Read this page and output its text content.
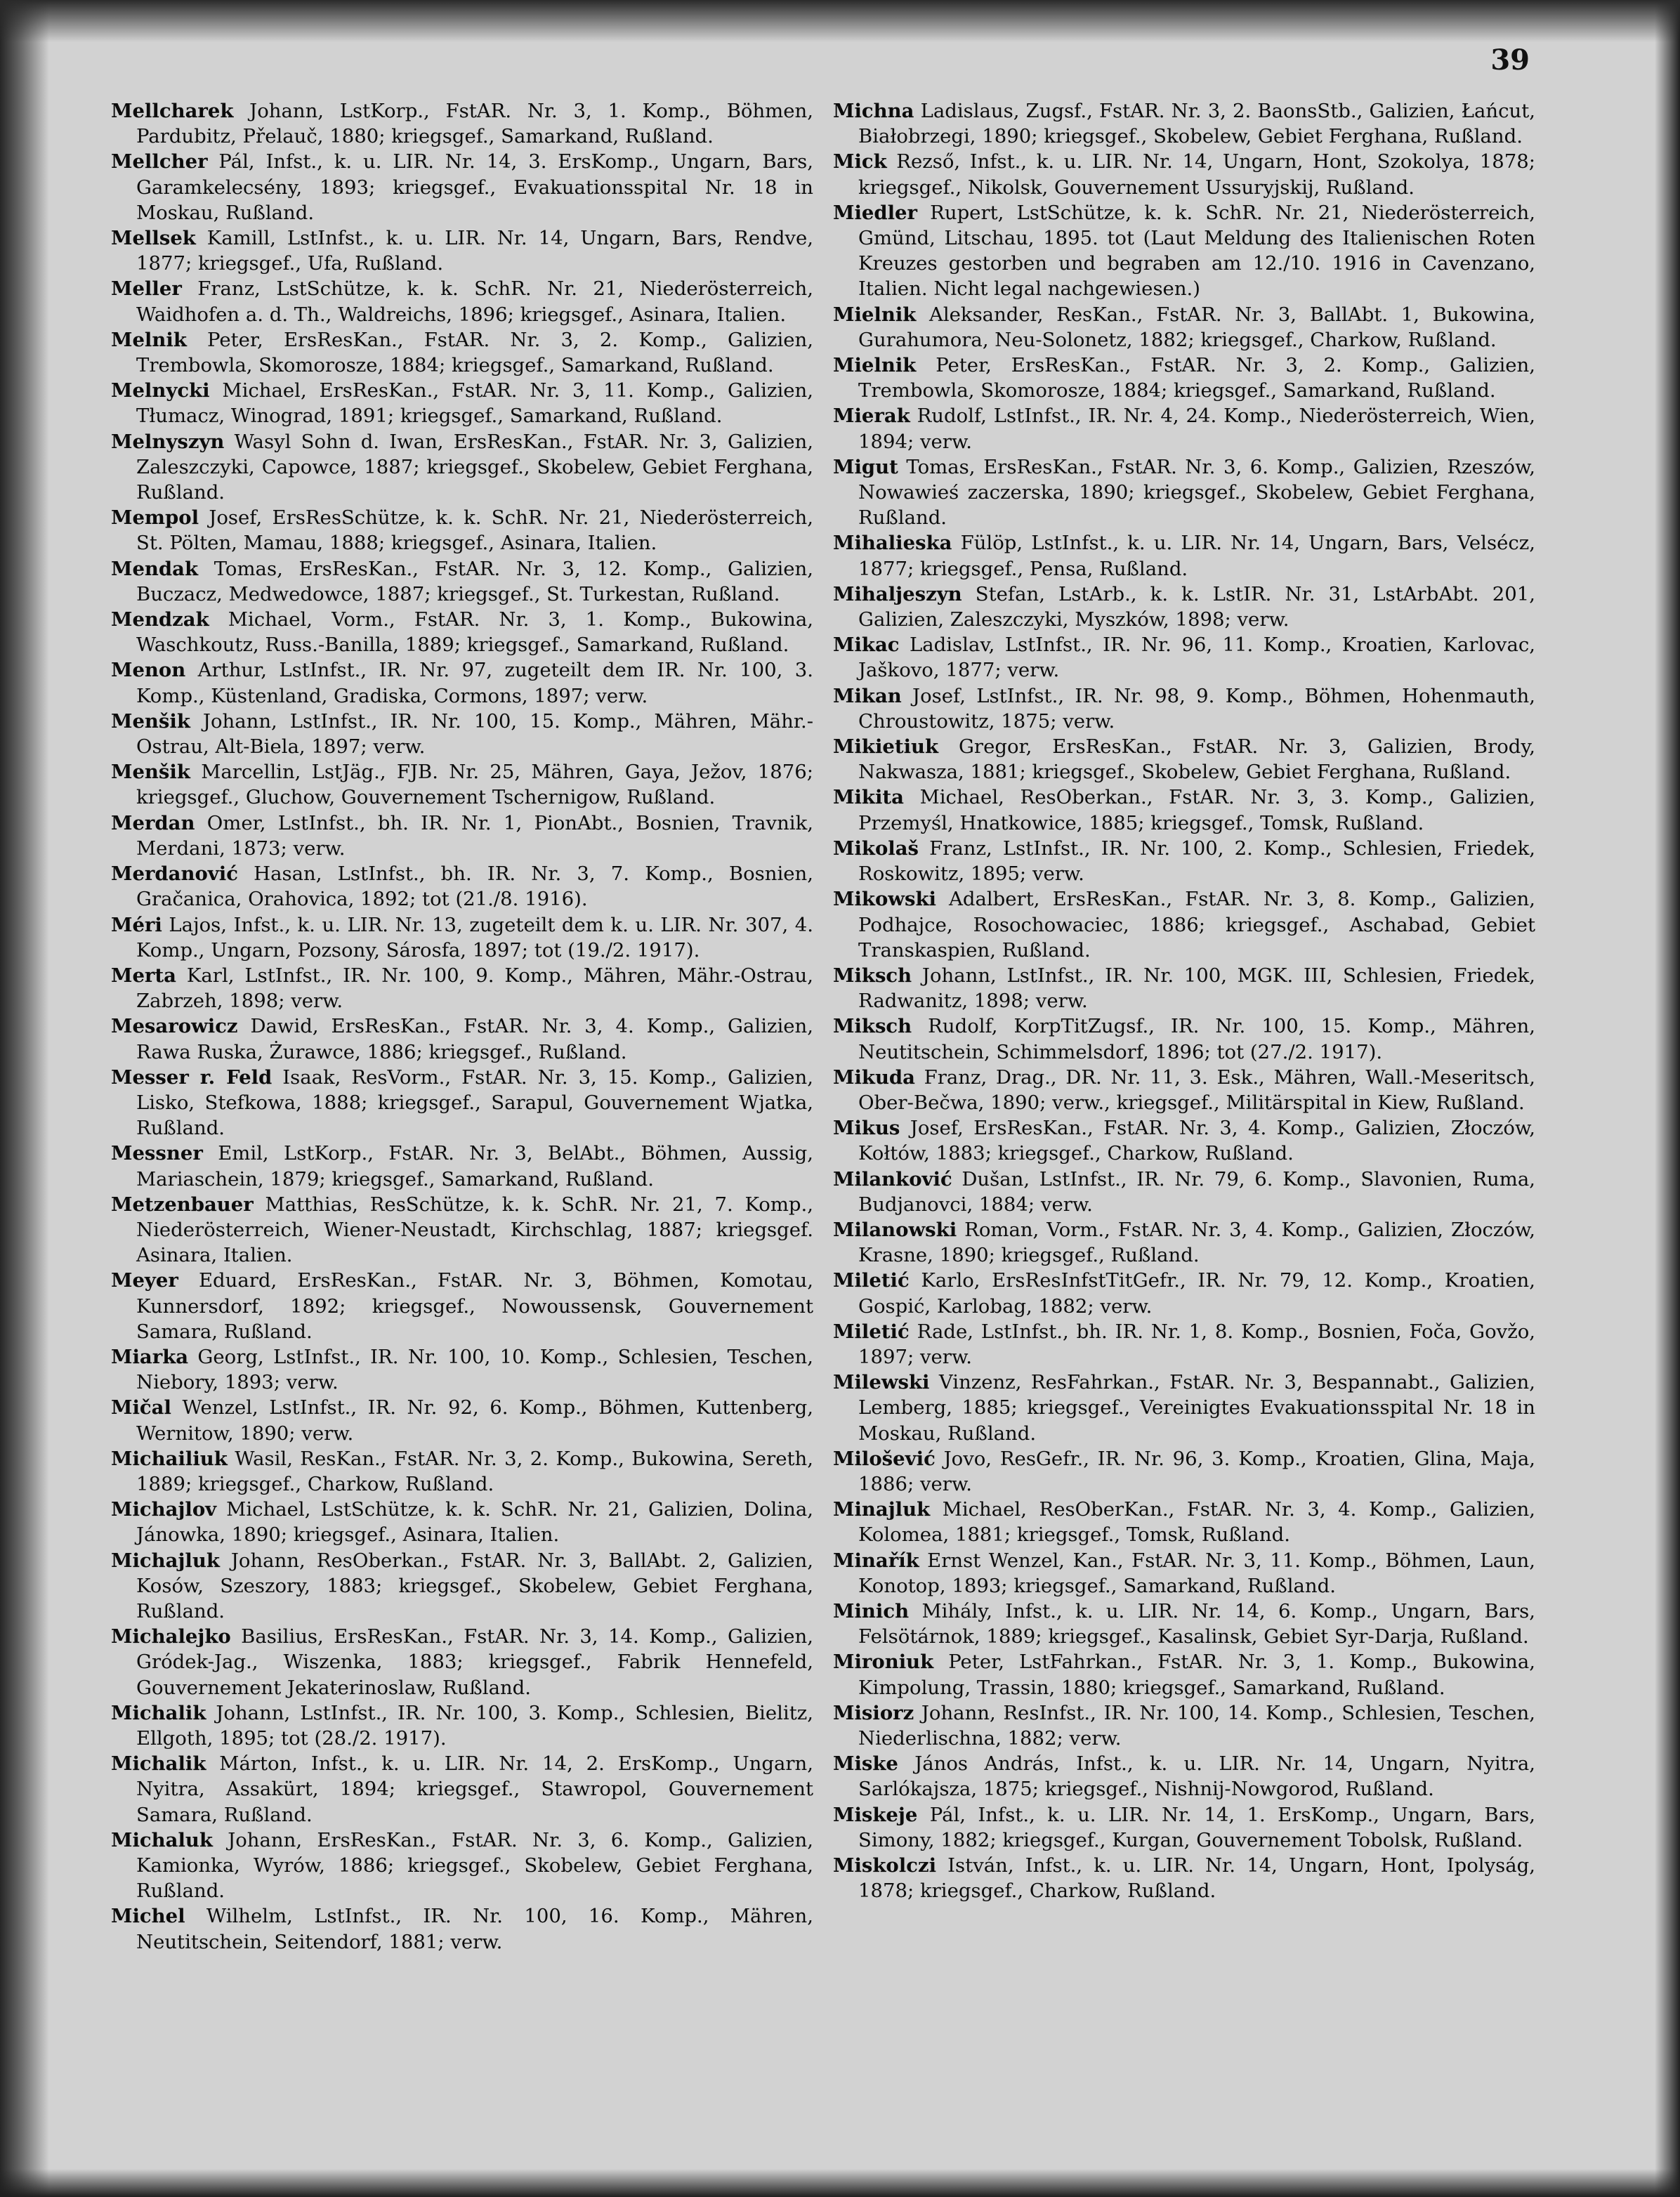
39

Mellcharek Johann, LstKorp., FstAR. Nr. 3, 1. Komp., Böhmen, Pardubitz, Přelauč, 1880; kriegsgef., Samarkand, Rußland.

Mellcher Pál, Infst., k. u. LIR. Nr. 14, 3. ErsKomp., Ungarn, Bars, Garamkelecsény, 1893; kriegsgef., Evakuationsspital Nr. 18 in Moskau, Rußland.

Mellsek Kamill, LstInfst., k. u. LIR. Nr. 14, Ungarn, Bars, Rendve, 1877; kriegsgef., Ufa, Rußland.

Meller Franz, LstSchütze, k. k. SchR. Nr. 21, Niederösterreich, Waidhofen a. d. Th., Waldreichs, 1896; kriegsgef., Asinara, Italien.

Melnik Peter, ErsResKan., FstAR. Nr. 3, 2. Komp., Galizien, Trembowla, Skomorosze, 1884; kriegsgef., Samarkand, Rußland.

Melnycki Michael, ErsResKan., FstAR. Nr. 3, 11. Komp., Galizien, Tłumacz, Winograd, 1891; kriegsgef., Samarkand, Rußland.

Melnyszyn Wasyl Sohn d. Iwan, ErsResKan., FstAR. Nr. 3, Galizien, Zaleszczyki, Capowce, 1887; kriegsgef., Skobelew, Gebiet Ferghana, Rußland.

Mempol Josef, ErsResSchütze, k. k. SchR. Nr. 21, Niederösterreich, St. Pölten, Mamau, 1888; kriegsgef., Asinara, Italien.

Mendak Tomas, ErsResKan., FstAR. Nr. 3, 12. Komp., Galizien, Buczacz, Medwedowce, 1887; kriegsgef., St. Turkestan, Rußland.

Mendzak Michael, Vorm., FstAR. Nr. 3, 1. Komp., Bukowina, Waschkoutz, Russ.-Banilla, 1889; kriegsgef., Samarkand, Rußland.

Menon Arthur, LstInfst., IR. Nr. 97, zugeteilt dem IR. Nr. 100, 3. Komp., Küstenland, Gradiska, Cormons, 1897; verw.

Menšik Johann, LstInfst., IR. Nr. 100, 15. Komp., Mähren, Mähr.-Ostrau, Alt-Biela, 1897; verw.

Menšik Marcellin, LstJäg., FJB. Nr. 25, Mähren, Gaya, Ježov, 1876; kriegsgef., Gluchow, Gouvernement Tschernigow, Rußland.

Merdan Omer, LstInfst., bh. IR. Nr. 1, PionAbt., Bosnien, Travnik, Merdani, 1873; verw.

Merdanović Hasan, LstInfst., bh. IR. Nr. 3, 7. Komp., Bosnien, Gračanica, Orahovica, 1892; tot (21./8. 1916).

Méri Lajos, Infst., k. u. LIR. Nr. 13, zugeteilt dem k. u. LIR. Nr. 307, 4. Komp., Ungarn, Pozsony, Sárosfa, 1897; tot (19./2. 1917).

Merta Karl, LstInfst., IR. Nr. 100, 9. Komp., Mähren, Mähr.-Ostrau, Zabrzeh, 1898; verw.

Mesarowicz Dawid, ErsResKan., FstAR. Nr. 3, 4. Komp., Galizien, Rawa Ruska, Żurawce, 1886; kriegsgef., Rußland.

Messer r. Feld Isaak, ResVorm., FstAR. Nr. 3, 15. Komp., Galizien, Lisko, Stefkowa, 1888; kriegsgef., Sarapul, Gouvernement Wjatka, Rußland.

Messner Emil, LstKorp., FstAR. Nr. 3, BelAbt., Böhmen, Aussig, Mariaschein, 1879; kriegsgef., Samarkand, Rußland.

Metzenbauer Matthias, ResSchütze, k. k. SchR. Nr. 21, 7. Komp., Niederösterreich, Wiener-Neustadt, Kirchschlag, 1887; kriegsgef. Asinara, Italien.

Meyer Eduard, ErsResKan., FstAR. Nr. 3, Böhmen, Komotau, Kunnersdorf, 1892; kriegsgef., Nowoussensk, Gouvernement Samara, Rußland.

Miarka Georg, LstInfst., IR. Nr. 100, 10. Komp., Schlesien, Teschen, Niebory, 1893; verw.

Mičal Wenzel, LstInfst., IR. Nr. 92, 6. Komp., Böhmen, Kuttenberg, Wernitow, 1890; verw.

Michailiuk Wasil, ResKan., FstAR. Nr. 3, 2. Komp., Bukowina, Sereth, 1889; kriegsgef., Charkow, Rußland.

Michajlov Michael, LstSchütze, k. k. SchR. Nr. 21, Galizien, Dolina, Jánowka, 1890; kriegsgef., Asinara, Italien.

Michajluk Johann, ResOberkan., FstAR. Nr. 3, BallAbt. 2, Galizien, Kosów, Szeszory, 1883; kriegsgef., Skobelew, Gebiet Ferghana, Rußland.

Michalejko Basilius, ErsResKan., FstAR. Nr. 3, 14. Komp., Galizien, Gródek-Jag., Wiszenka, 1883; kriegsgef., Fabrik Hennefeld, Gouvernement Jekaterinoslaw, Rußland.

Michalik Johann, LstInfst., IR. Nr. 100, 3. Komp., Schlesien, Bielitz, Ellgoth, 1895; tot (28./2. 1917).

Michalik Márton, Infst., k. u. LIR. Nr. 14, 2. ErsKomp., Ungarn, Nyitra, Assakürt, 1894; kriegsgef., Stawropol, Gouvernement Samara, Rußland.

Michaluk Johann, ErsResKan., FstAR. Nr. 3, 6. Komp., Galizien, Kamionka, Wyrów, 1886; kriegsgef., Skobelew, Gebiet Ferghana, Rußland.

Michel Wilhelm, LstInfst., IR. Nr. 100, 16. Komp., Mähren, Neutitschein, Seitendorf, 1881; verw.

Michna Ladislaus, Zugsf., FstAR. Nr. 3, 2. BaonsStb., Galizien, Łańcut, Białobrzegi, 1890; kriegsgef., Skobelew, Gebiet Ferghana, Rußland.

Mick Rezső, Infst., k. u. LIR. Nr. 14, Ungarn, Hont, Szokolya, 1878; kriegsgef., Nikolsk, Gouvernement Ussuryjskij, Rußland.

Miedler Rupert, LstSchütze, k. k. SchR. Nr. 21, Niederösterreich, Gmünd, Litschau, 1895. tot (Laut Meldung des Italienischen Roten Kreuzes gestorben und begraben am 12./10. 1916 in Cavenzano, Italien. Nicht legal nachgewiesen.)

Mielnik Aleksander, ResKan., FstAR. Nr. 3, BallAbt. 1, Bukowina, Gurahumora, Neu-Solonetz, 1882; kriegsgef., Charkow, Rußland.

Mielnik Peter, ErsResKan., FstAR. Nr. 3, 2. Komp., Galizien, Trembowla, Skomorosze, 1884; kriegsgef., Samarkand, Rußland.

Mierak Rudolf, LstInfst., IR. Nr. 4, 24. Komp., Niederösterreich, Wien, 1894; verw.

Migut Tomas, ErsResKan., FstAR. Nr. 3, 6. Komp., Galizien, Rzeszów, Nowawieś zaczerska, 1890; kriegsgef., Skobelew, Gebiet Ferghana, Rußland.

Mihalieska Fülöp, LstInfst., k. u. LIR. Nr. 14, Ungarn, Bars, Velsécz, 1877; kriegsgef., Pensa, Rußland.

Mihaljeszyn Stefan, LstArb., k. k. LstIR. Nr. 31, LstArbAbt. 201, Galizien, Zaleszczyki, Myszków, 1898; verw.

Mikac Ladislav, LstInfst., IR. Nr. 96, 11. Komp., Kroatien, Karlovac, Jaškovo, 1877; verw.

Mikan Josef, LstInfst., IR. Nr. 98, 9. Komp., Böhmen, Hohenmauth, Chroustowitz, 1875; verw.

Mikietiuk Gregor, ErsResKan., FstAR. Nr. 3, Galizien, Brody, Nakwasza, 1881; kriegsgef., Skobelew, Gebiet Ferghana, Rußland.

Mikita Michael, ResOberkan., FstAR. Nr. 3, 3. Komp., Galizien, Przemyśl, Hnatkowice, 1885; kriegsgef., Tomsk, Rußland.

Mikolaš Franz, LstInfst., IR. Nr. 100, 2. Komp., Schlesien, Friedek, Roskowitz, 1895; verw.

Mikowski Adalbert, ErsResKan., FstAR. Nr. 3, 8. Komp., Galizien, Podhajce, Rosochowaciec, 1886; kriegsgef., Aschabad, Gebiet Transkaspien, Rußland.

Miksch Johann, LstInfst., IR. Nr. 100, MGK. III, Schlesien, Friedek, Radwanitz, 1898; verw.

Miksch Rudolf, KorpTitZugsf., IR. Nr. 100, 15. Komp., Mähren, Neutitschein, Schimmelsdorf, 1896; tot (27./2. 1917).

Mikuda Franz, Drag., DR. Nr. 11, 3. Esk., Mähren, Wall.-Meseritsch, Ober-Bečwa, 1890; verw., kriegsgef., Militärspital in Kiew, Rußland.

Mikus Josef, ErsResKan., FstAR. Nr. 3, 4. Komp., Galizien, Złoczów, Kołtów, 1883; kriegsgef., Charkow, Rußland.

Milanković Dušan, LstInfst., IR. Nr. 79, 6. Komp., Slavonien, Ruma, Budjanovci, 1884; verw.

Milanowski Roman, Vorm., FstAR. Nr. 3, 4. Komp., Galizien, Złoczów, Krasne, 1890; kriegsgef., Rußland.

Miletić Karlo, ErsResInfstTitGefr., IR. Nr. 79, 12. Komp., Kroatien, Gospić, Karlobag, 1882; verw.

Miletić Rade, LstInfst., bh. IR. Nr. 1, 8. Komp., Bosnien, Foča, Govžo, 1897; verw.

Milewski Vinzenz, ResFahrkan., FstAR. Nr. 3, Bespannabt., Galizien, Lemberg, 1885; kriegsgef., Vereinigtes Evakuationsspital Nr. 18 in Moskau, Rußland.

Milošević Jovo, ResGefr., IR. Nr. 96, 3. Komp., Kroatien, Glina, Maja, 1886; verw.

Minajluk Michael, ResOberKan., FstAR. Nr. 3, 4. Komp., Galizien, Kolomea, 1881; kriegsgef., Tomsk, Rußland.

Minařík Ernst Wenzel, Kan., FstAR. Nr. 3, 11. Komp., Böhmen, Laun, Konotop, 1893; kriegsgef., Samarkand, Rußland.

Minich Mihály, Infst., k. u. LIR. Nr. 14, 6. Komp., Ungarn, Bars, Felsötárnok, 1889; kriegsgef., Kasalinsk, Gebiet Syr-Darja, Rußland.

Mironiuk Peter, LstFahrkan., FstAR. Nr. 3, 1. Komp., Bukowina, Kimpolung, Trassin, 1880; kriegsgef., Samarkand, Rußland.

Misiorz Johann, ResInfst., IR. Nr. 100, 14. Komp., Schlesien, Teschen, Niederlischna, 1882; verw.

Miske János András, Infst., k. u. LIR. Nr. 14, Ungarn, Nyitra, Sarlókajsza, 1875; kriegsgef., Nishnij-Nowgorod, Rußland.

Miskeje Pál, Infst., k. u. LIR. Nr. 14, 1. ErsKomp., Ungarn, Bars, Simony, 1882; kriegsgef., Kurgan, Gouvernement Tobolsk, Rußland.

Miskolczi István, Infst., k. u. LIR. Nr. 14, Ungarn, Hont, Ipolyság, 1878; kriegsgef., Charkow, Rußland.
